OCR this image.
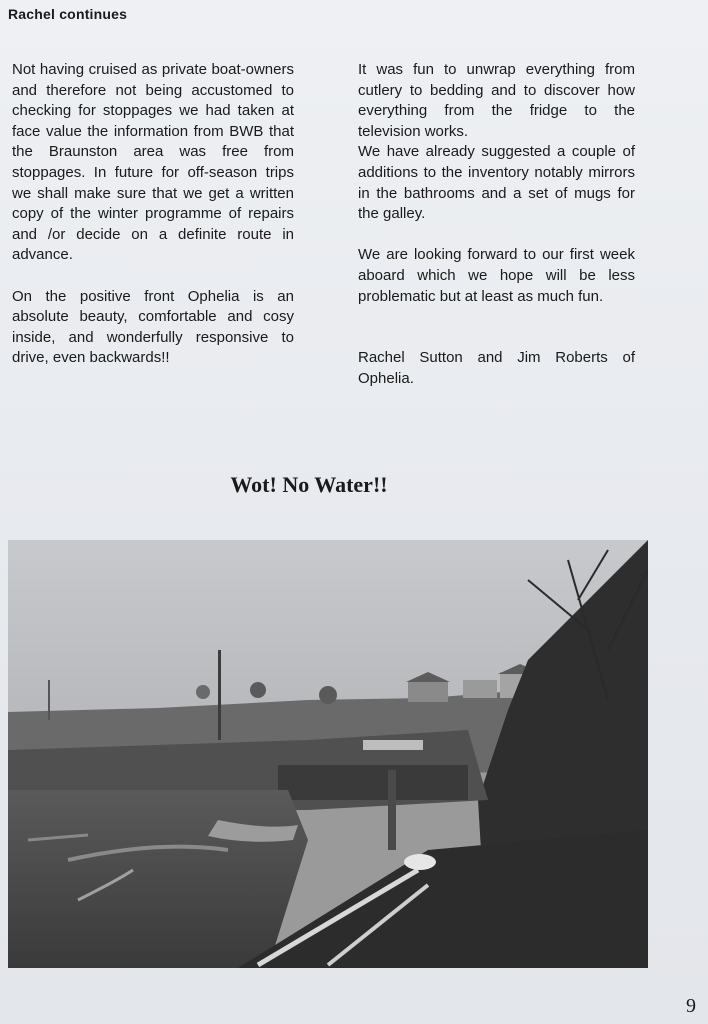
Rachel continues

Not having cruised as private boat-owners and therefore not being accustomed to checking for stoppages we had taken at face value the information from BWB that the Braunston area was free from stoppages. In future for off-season trips we shall make sure that we get a written copy of the winter programme of repairs and /or decide on a definite route in advance.

On the positive front Ophelia is an absolute beauty, comfortable and cosy inside, and wonderfully responsive to drive, even backwards!!

It was fun to unwrap everything from cutlery to bedding and to discover how everything from the fridge to the television works.

We have already suggested a couple of additions to the inventory notably mirrors in the bathrooms and a set of mugs for the galley.

We are looking forward to our first week aboard which we hope will be less problematic but at least as much fun.

Rachel Sutton and Jim Roberts of Ophelia.

Wot! No Water!!
9
